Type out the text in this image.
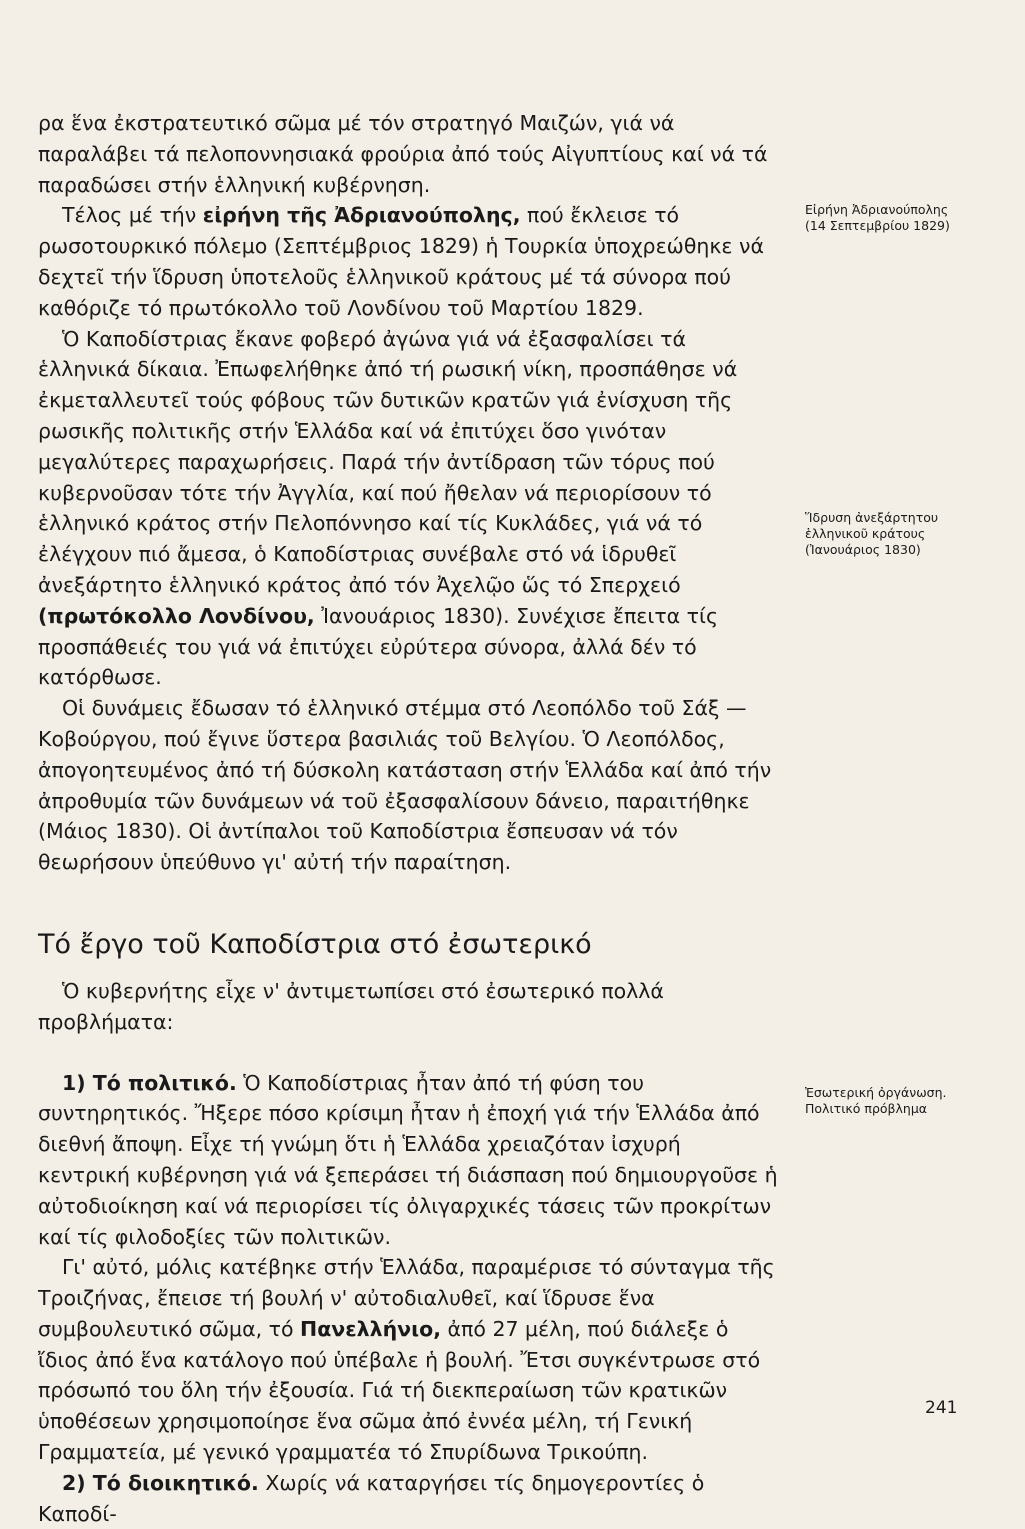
ρα ἕνα ἐκστρατευτικό σῶμα μέ τόν στρατηγό Μαιζών, γιά νά παραλάβει τά πελοποννησιακά φρούρια ἀπό τούς Αἰγυπτίους καί νά τά παραδώσει στήν ἑλληνική κυβέρνηση.

Τέλος μέ τήν εἰρήνη τῆς Ἀδριανούπολης, πού ἔκλεισε τό ρωσοτουρκικό πόλεμο (Σεπτέμβριος 1829) ἡ Τουρκία ὑποχρεώθηκε νά δεχτεῖ τήν ἵδρυση ὑποτελοῦς ἑλληνικοῦ κράτους μέ τά σύνορα πού καθόριζε τό πρωτόκολλο τοῦ Λονδίνου τοῦ Μαρτίου 1829.

Ὁ Καποδίστριας ἔκανε φοβερό ἀγώνα γιά νά ἐξασφαλίσει τά ἑλληνικά δίκαια. Ἐπωφελήθηκε ἀπό τή ρωσική νίκη, προσπάθησε νά ἐκμεταλλευτεῖ τούς φόβους τῶν δυτικῶν κρατῶν γιά ἐνίσχυση τῆς ρωσικῆς πολιτικῆς στήν Ἑλλάδα καί νά ἐπιτύχει ὅσο γινόταν μεγαλύτερες παραχωρήσεις. Παρά τήν ἀντίδραση τῶν τόρυς πού κυβερνοῦσαν τότε τήν Ἀγγλία, καί πού ἤθελαν νά περιορίσουν τό ἑλληνικό κράτος στήν Πελοπόννησο καί τίς Κυκλάδες, γιά νά τό ἐλέγχουν πιό ἄμεσα, ὁ Καποδίστριας συνέβαλε στό νά ἱδρυθεῖ ἀνεξάρτητο ἑλληνικό κράτος ἀπό τόν Ἀχελῷο ὥς τό Σπερχειό (πρωτόκολλο Λονδίνου, Ἰανουάριος 1830). Συνέχισε ἔπειτα τίς προσπάθειές του γιά νά ἐπιτύχει εὐρύτερα σύνορα, ἀλλά δέν τό κατόρθωσε.

Οἱ δυνάμεις ἔδωσαν τό ἑλληνικό στέμμα στό Λεοπόλδο τοῦ Σάξ — Κοβούργου, πού ἔγινε ὕστερα βασιλιάς τοῦ Βελγίου. Ὁ Λεοπόλδος, ἀπογοητευμένος ἀπό τή δύσκολη κατάσταση στήν Ἑλλάδα καί ἀπό τήν ἀπροθυμία τῶν δυνάμεων νά τοῦ ἐξασφαλίσουν δάνειο, παραιτήθηκε (Μάιος 1830). Οἱ ἀντίπαλοι τοῦ Καποδίστρια ἔσπευσαν νά τόν θεωρήσουν ὑπεύθυνο γι' αὐτή τήν παραίτηση.

Τό ἔργο τοῦ Καποδίστρια στό ἐσωτερικό

Ὁ κυβερνήτης εἶχε ν' ἀντιμετωπίσει στό ἐσωτερικό πολλά προβλήματα:

1) Τό πολιτικό. Ὁ Καποδίστριας ἦταν ἀπό τή φύση του συντηρητικός. Ἤξερε πόσο κρίσιμη ἦταν ἡ ἐποχή γιά τήν Ἑλλάδα ἀπό διεθνή ἄποψη. Εἶχε τή γνώμη ὅτι ἡ Ἑλλάδα χρειαζόταν ἰσχυρή κεντρική κυβέρνηση γιά νά ξεπεράσει τή διάσπαση πού δημιουργοῦσε ἡ αὐτοδιοίκηση καί νά περιορίσει τίς ὀλιγαρχικές τάσεις τῶν προκρίτων καί τίς φιλοδοξίες τῶν πολιτικῶν.

Γι' αὐτό, μόλις κατέβηκε στήν Ἑλλάδα, παραμέρισε τό σύνταγμα τῆς Τροιζήνας, ἔπεισε τή βουλή ν' αὐτοδιαλυθεῖ, καί ἵδρυσε ἕνα συμβουλευτικό σῶμα, τό Πανελλήνιο, ἀπό 27 μέλη, πού διάλεξε ὁ ἴδιος ἀπό ἕνα κατάλογο πού ὑπέβαλε ἡ βουλή. Ἔτσι συγκέντρωσε στό πρόσωπό του ὅλη τήν ἐξουσία. Γιά τή διεκπεραίωση τῶν κρατικῶν ὑποθέσεων χρησιμοποίησε ἕνα σῶμα ἀπό ἐννέα μέλη, τή Γενική Γραμματεία, μέ γενικό γραμματέα τό Σπυρίδωνα Τρικούπη.

2) Τό διοικητικό. Χωρίς νά καταργήσει τίς δημογεροντίες ὁ Καποδί-

Εἰρήνη Ἀδριανούπολης (14 Σεπτεμβρίου 1829)
Ἵδρυση ἀνεξάρτητου ἑλληνικοῦ κράτους (Ἰανουάριος 1830)
Ἐσωτερική ὀργάνωση. Πολιτικό πρόβλημα
241
